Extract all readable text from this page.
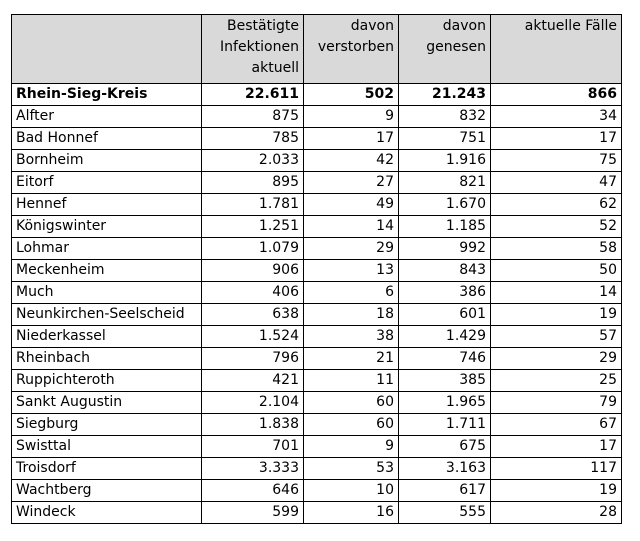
	Bestätigte Infektionen aktuell	davon verstorben	davon genesen	aktuelle Fälle
Rhein-Sieg-Kreis	22.611	502	21.243	866
Alfter	875	9	832	34
Bad Honnef	785	17	751	17
Bornheim	2.033	42	1.916	75
Eitorf	895	27	821	47
Hennef	1.781	49	1.670	62
Königswinter	1.251	14	1.185	52
Lohmar	1.079	29	992	58
Meckenheim	906	13	843	50
Much	406	6	386	14
Neunkirchen-Seelscheid	638	18	601	19
Niederkassel	1.524	38	1.429	57
Rheinbach	796	21	746	29
Ruppichteroth	421	11	385	25
Sankt Augustin	2.104	60	1.965	79
Siegburg	1.838	60	1.711	67
Swisttal	701	9	675	17
Troisdorf	3.333	53	3.163	117
Wachtberg	646	10	617	19
Windeck	599	16	555	28
